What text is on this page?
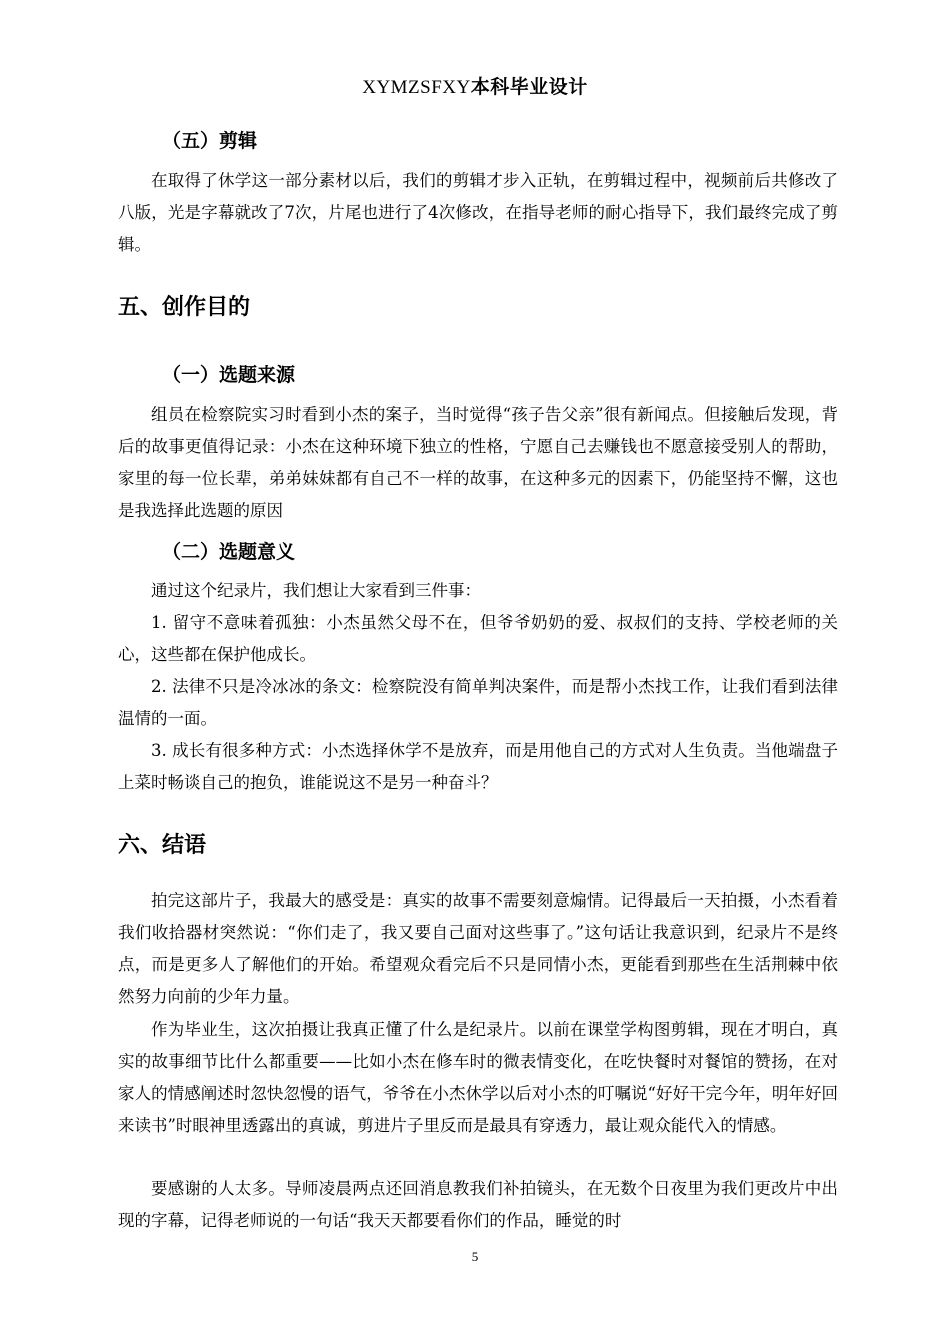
XYMZSFXY本科毕业设计

（五）剪辑

在取得了休学这一部分素材以后，我们的剪辑才步入正轨，在剪辑过程中，视频前后共修改了八版，光是字幕就改了7次，片尾也进行了4次修改，在指导老师的耐心指导下，我们最终完成了剪辑。

五、创作目的

（一）选题来源

组员在检察院实习时看到小杰的案子，当时觉得“孩子告父亲”很有新闻点。但接触后发现，背后的故事更值得记录：小杰在这种环境下独立的性格，宁愿自己去赚钱也不愿意接受别人的帮助，家里的每一位长辈，弟弟妹妹都有自己不一样的故事，在这种多元的因素下，仍能坚持不懈，这也是我选择此选题的原因

（二）选题意义

通过这个纪录片，我们想让大家看到三件事：

1. 留守不意味着孤独：小杰虽然父母不在，但爷爷奶奶的爱、叔叔们的支持、学校老师的关心，这些都在保护他成长。

2. 法律不只是冷冰冰的条文：检察院没有简单判决案件，而是帮小杰找工作，让我们看到法律温情的一面。

3. 成长有很多种方式：小杰选择休学不是放弃，而是用他自己的方式对人生负责。当他端盘子上菜时畅谈自己的抱负，谁能说这不是另一种奋斗？

六、结语

拍完这部片子，我最大的感受是：真实的故事不需要刻意煽情。记得最后一天拍摄，小杰看着我们收拾器材突然说：“你们走了，我又要自己面对这些事了。”这句话让我意识到，纪录片不是终点，而是更多人了解他们的开始。希望观众看完后不只是同情小杰，更能看到那些在生活荆棘中依然努力向前的少年力量。

作为毕业生，这次拍摄让我真正懂了什么是纪录片。以前在课堂学构图剪辑，现在才明白，真实的故事细节比什么都重要——比如小杰在修车时的微表情变化，在吃快餐时对餐馆的赞扬，在对家人的情感阐述时忽快忽慢的语气，爷爷在小杰休学以后对小杰的叮嘱说“好好干完今年，明年好回来读书”时眼神里透露出的真诚，剪进片子里反而是最具有穿透力，最让观众能代入的情感。

要感谢的人太多。导师凌晨两点还回消息教我们补拍镜头，在无数个日夜里为我们更改片中出现的字幕，记得老师说的一句话“我天天都要看你们的作品，睡觉的时

5
